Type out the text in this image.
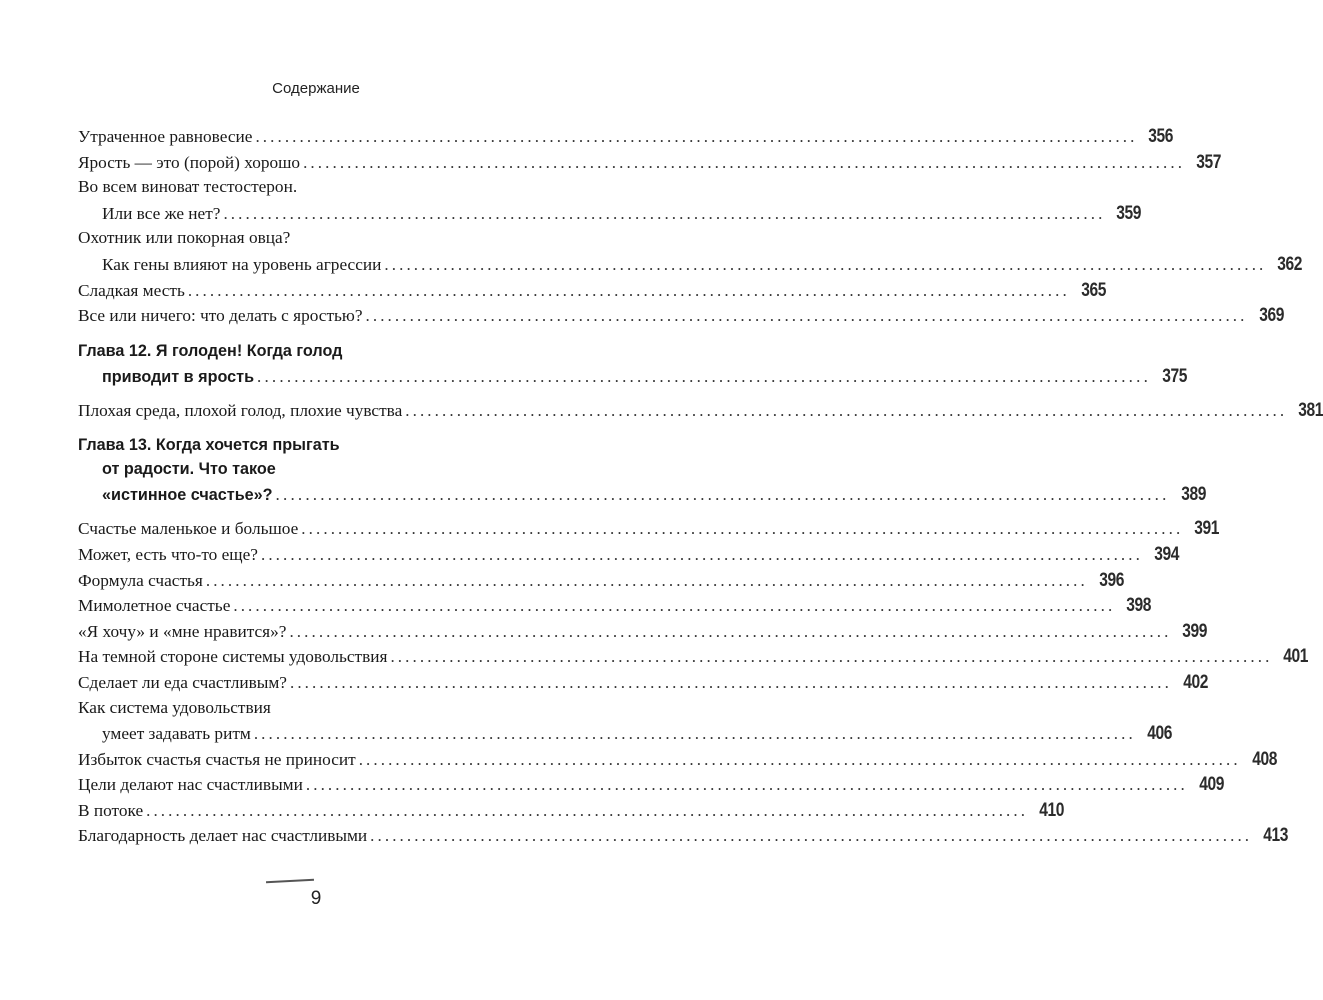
Содержание
Утраченное равновесие ........................................................................................................................ 356
Ярость — это (порой) хорошо ........................................................................................................................ 357
Во всем виноват тестостерон.
Или все же нет? ........................................................................................................................ 359
Охотник или покорная овца?
Как гены влияют на уровень агрессии ........................................................................................................................ 362
Сладкая месть ........................................................................................................................ 365
Все или ничего: что делать с яростью? ........................................................................................................................ 369
Глава 12. Я голоден! Когда голод
приводит в ярость ........................................................................................................................ 375
Плохая среда, плохой голод, плохие чувства ........................................................................................................................ 381
Глава 13. Когда хочется прыгать
от радости. Что такое
«истинное счастье»? ........................................................................................................................ 389
Счастье маленькое и большое ........................................................................................................................ 391
Может, есть что-то еще? ........................................................................................................................ 394
Формула счастья ........................................................................................................................ 396
Мимолетное счастье ........................................................................................................................ 398
«Я хочу» и «мне нравится»? ........................................................................................................................ 399
На темной стороне системы удовольствия ........................................................................................................................ 401
Сделает ли еда счастливым? ........................................................................................................................ 402
Как система удовольствия
умеет задавать ритм ........................................................................................................................ 406
Избыток счастья счастья не приносит ........................................................................................................................ 408
Цели делают нас счастливыми ........................................................................................................................ 409
В потоке ........................................................................................................................ 410
Благодарность делает нас счастливыми ........................................................................................................................ 413
9
